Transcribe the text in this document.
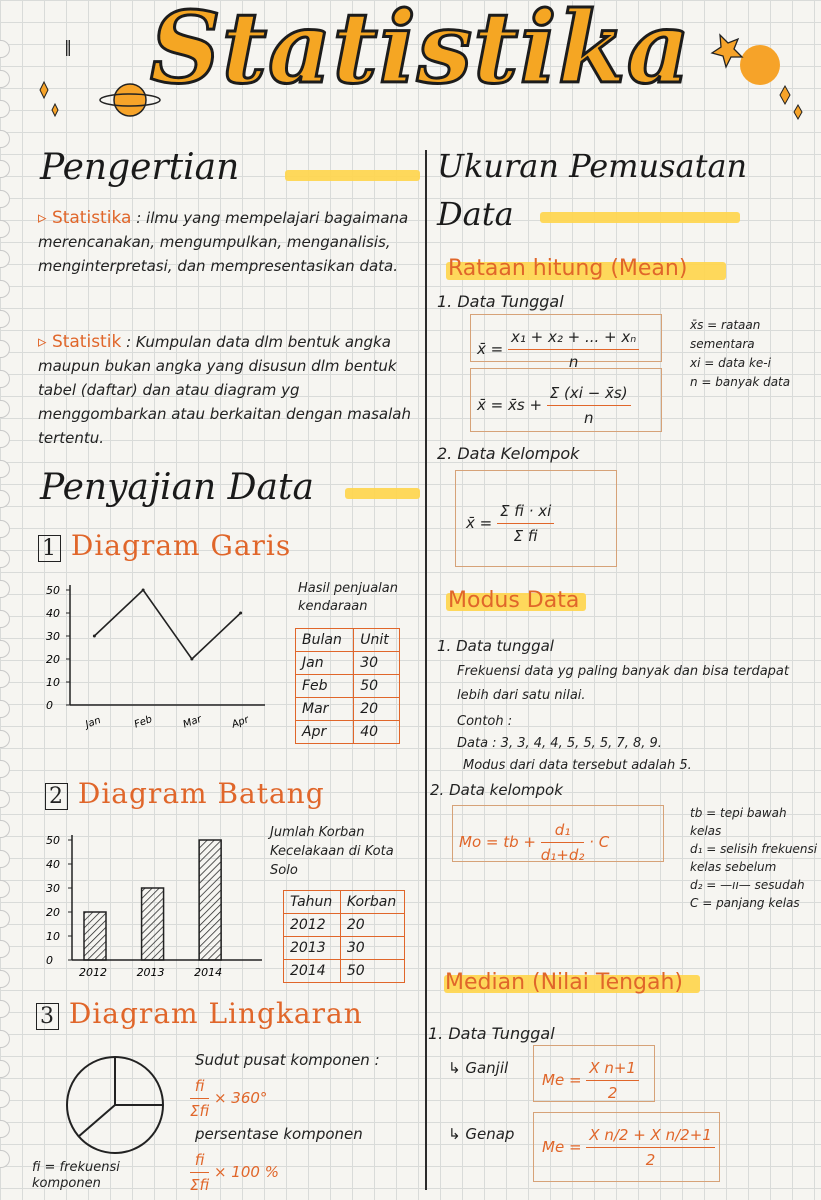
‖ Statistika
Pengertian
▹ Statistika : ilmu yang mempelajari bagaimana merencanakan, mengumpulkan, menganalisis, menginterpretasi, dan mempresentasikan data.
▹ Statistik : Kumpulan data dlm bentuk angka maupun bukan angka yang disusun dlm bentuk tabel (daftar) dan atau diagram yg menggombarkan atau berkaitan dengan masalah tertentu.
Penyajian Data
1 Diagram Garis
0
10
20
30
40
50
Jan	Feb	Mar	Apr
Hasil penjualan kendaraan
Bulan	Unit
Jan	30
Feb	50
Mar	20
Apr	40
2 Diagram Batang
0
10
20
30
40
50
2012	2013	2014
Jumlah Korban Kecelakaan di Kota Solo
Tahun	Korban
2012	20
2013	30
2014	50
3 Diagram Lingkaran
Sudut pusat komponen :
$\frac{fi}{\text{Σfi}} \times 360^\circ$
persentase komponen
$\frac{fi}{\text{Σfi}} \times 100$ %
fi = frekuensi komponen
Ukuran Pemusatan
Data
Rataan hitung (Mean)
1. Data Tunggal
x̄ = $\frac{\text{x₁ + x₂ + ... + xₙ}}{n}$
x̄ = x̄s + $\frac{\Sigma (xi - x̄s)}{n}$
x̄s = rataan sementara
xi = data ke-i
n = banyak data
2. Data Kelompok
x̄ = $\frac{\text{Σ fi · xi}}{\text{Σ fi}}$
Modus Data
1. Data tunggal
Frekuensi data yg paling banyak dan bisa terdapat lebih dari satu nilai.
Contoh :
Data : 3, 3, 4, 4, 5, 5, 5, 7, 8, 9.
Modus dari data tersebut adalah 5.
2. Data kelompok
Mo = tb + $\frac{\text{d₁}}{\text{d₁+d₂}} \cdot C$
tb = tepi bawah kelas
d₁ = selisih frekuensi kelas sebelum
d₂ = —ıı— sesudah
C = panjang kelas
Median (Nilai Tengah)
1. Data Tunggal
↳ Ganjil
$Me = \frac{\text{X n+1}}{2}$
↳ Genap
$Me = \frac{\text{X n/2 + X n/2+1}}{2}$
